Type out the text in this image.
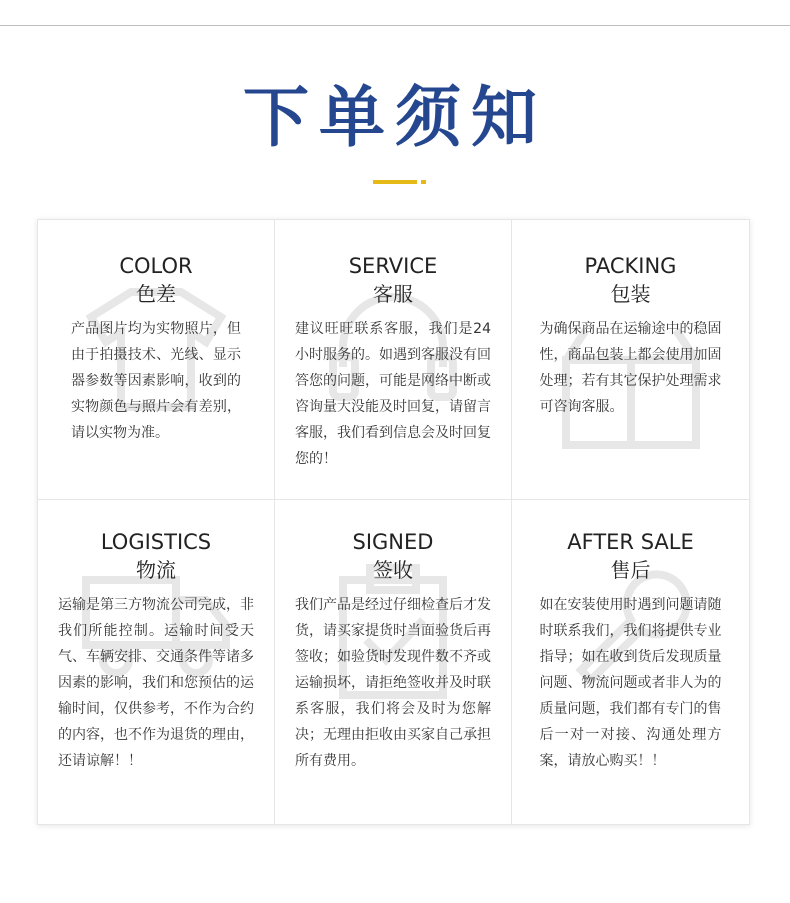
下单须知
COLOR
色差
产品图片均为实物照片，但由于拍摄技术、光线、显示器参数等因素影响，收到的实物颜色与照片会有差别，请以实物为准。
SERVICE
客服
建议旺旺联系客服，我们是24小时服务的。如遇到客服没有回答您的问题，可能是网络中断或咨询量大没能及时回复，请留言客服，我们看到信息会及时回复您的！
PACKING
包装
为确保商品在运输途中的稳固性，商品包装上都会使用加固处理；若有其它保护处理需求可咨询客服。
LOGISTICS
物流
运输是第三方物流公司完成，非我们所能控制。运输时间受天气、车辆安排、交通条件等诸多因素的影响，我们和您预估的运输时间，仅供参考，不作为合约的内容，也不作为退货的理由，还请谅解！！
SIGNED
签收
我们产品是经过仔细检查后才发货，请买家提货时当面验货后再签收；如验货时发现件数不齐或运输损坏，请拒绝签收并及时联系客服，我们将会及时为您解决；无理由拒收由买家自己承担所有费用。
AFTER SALE
售后
如在安装使用时遇到问题请随时联系我们，我们将提供专业指导；如在收到货后发现质量问题、物流问题或者非人为的质量问题，我们都有专门的售后一对一对接、沟通处理方案，请放心购买！！
